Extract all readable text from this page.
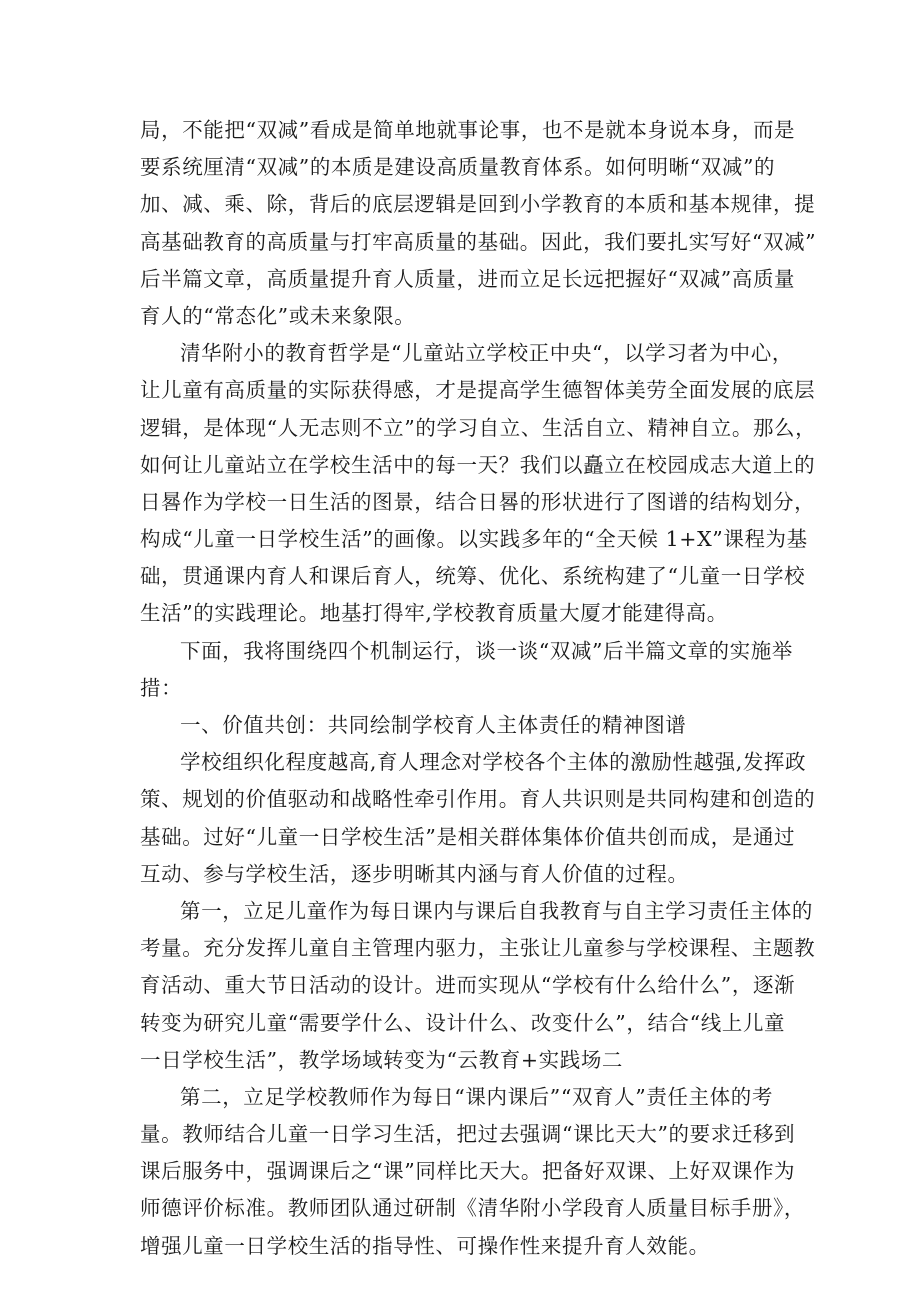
局，不能把“双减”看成是简单地就事论事，也不是就本身说本身，而是
要系统厘清“双减”的本质是建设高质量教育体系。如何明晰“双减”的
加、减、乘、除，背后的底层逻辑是回到小学教育的本质和基本规律，提
高基础教育的高质量与打牢高质量的基础。因此，我们要扎实写好“双减”
后半篇文章，高质量提升育人质量，进而立足长远把握好“双减”高质量
育人的“常态化”或未来象限。
清华附小的教育哲学是“儿童站立学校正中央“，以学习者为中心，
让儿童有高质量的实际获得感，才是提高学生德智体美劳全面发展的底层
逻辑，是体现“人无志则不立”的学习自立、生活自立、精神自立。那么，
如何让儿童站立在学校生活中的每一天？我们以矗立在校园成志大道上的
日晷作为学校一日生活的图景，结合日晷的形状进行了图谱的结构划分，
构成“儿童一日学校生活”的画像。以实践多年的“全天候 1+X”课程为基
础，贯通课内育人和课后育人，统筹、优化、系统构建了“儿童一日学校
生活”的实践理论。地基打得牢,学校教育质量大厦才能建得高。
下面，我将围绕四个机制运行，谈一谈“双减”后半篇文章的实施举
措：
一、价值共创：共同绘制学校育人主体责任的精神图谱
学校组织化程度越高,育人理念对学校各个主体的激励性越强,发挥政
策、规划的价值驱动和战略性牵引作用。育人共识则是共同构建和创造的
基础。过好“儿童一日学校生活”是相关群体集体价值共创而成，是通过
互动、参与学校生活，逐步明晰其内涵与育人价值的过程。
第一，立足儿童作为每日课内与课后自我教育与自主学习责任主体的
考量。充分发挥儿童自主管理内驱力，主张让儿童参与学校课程、主题教
育活动、重大节日活动的设计。进而实现从“学校有什么给什么”，逐渐
转变为研究儿童“需要学什么、设计什么、改变什么”，结合“线上儿童
一日学校生活”，教学场域转变为“云教育+实践场二
第二，立足学校教师作为每日“课内课后”“双育人”责任主体的考
量。教师结合儿童一日学习生活，把过去强调“课比天大”的要求迁移到
课后服务中，强调课后之“课”同样比天大。把备好双课、上好双课作为
师德评价标准。教师团队通过研制《清华附小学段育人质量目标手册》，
增强儿童一日学校生活的指导性、可操作性来提升育人效能。
